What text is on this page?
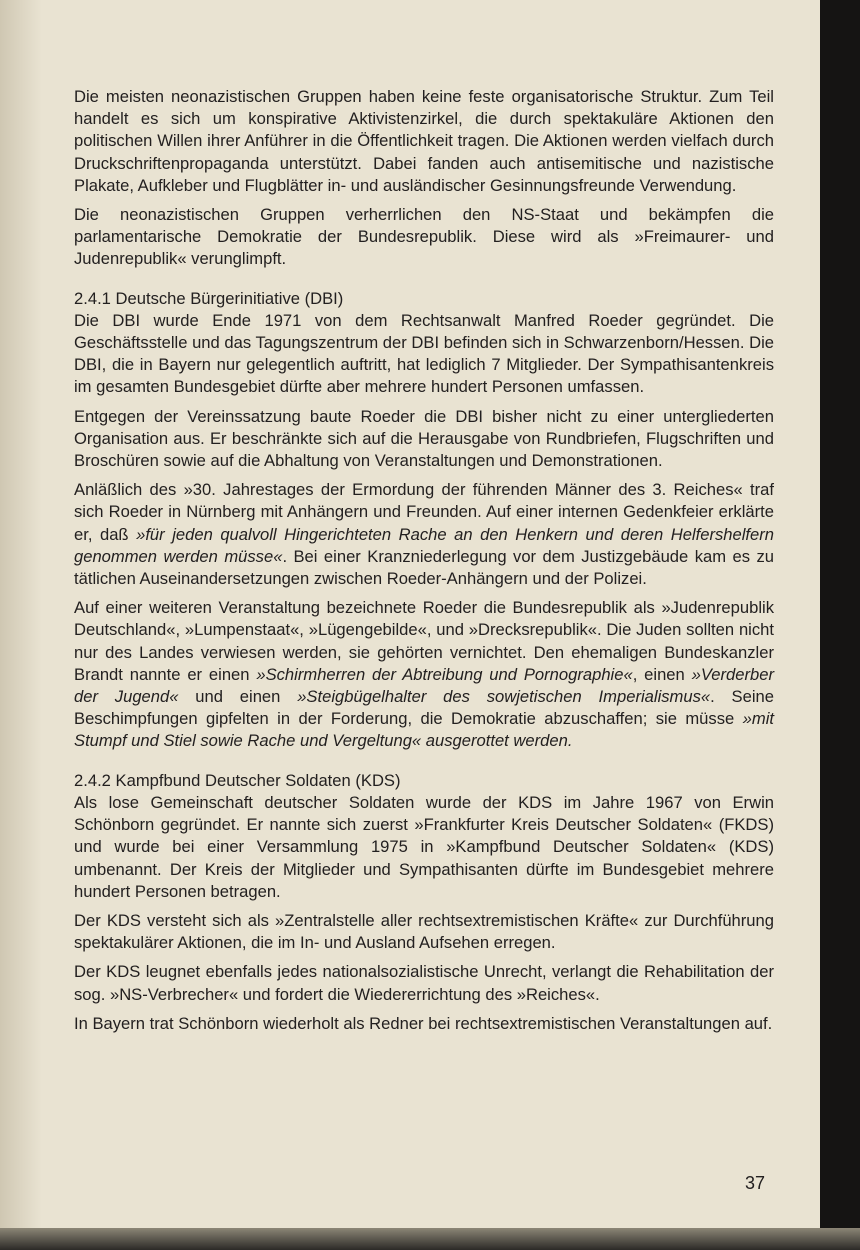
Die meisten neonazistischen Gruppen haben keine feste organisatorische Struktur. Zum Teil handelt es sich um konspirative Aktivistenzirkel, die durch spektakuläre Aktionen den politischen Willen ihrer Anführer in die Öffentlichkeit tragen. Die Aktionen werden vielfach durch Druckschriftenpropaganda unterstützt. Dabei fanden auch antisemitische und nazistische Plakate, Aufkleber und Flugblätter in- und ausländischer Gesinnungsfreunde Verwendung.

Die neonazistischen Gruppen verherrlichen den NS-Staat und bekämpfen die parlamentarische Demokratie der Bundesrepublik. Diese wird als »Freimaurer- und Judenrepublik« verunglimpft.

2.4.1 Deutsche Bürgerinitiative (DBI)

Die DBI wurde Ende 1971 von dem Rechtsanwalt Manfred Roeder gegründet. Die Geschäftsstelle und das Tagungszentrum der DBI befinden sich in Schwarzenborn/Hessen. Die DBI, die in Bayern nur gelegentlich auftritt, hat lediglich 7 Mitglieder. Der Sympathisantenkreis im gesamten Bundesgebiet dürfte aber mehrere hundert Personen umfassen.

Entgegen der Vereinssatzung baute Roeder die DBI bisher nicht zu einer untergliederten Organisation aus. Er beschränkte sich auf die Herausgabe von Rundbriefen, Flugschriften und Broschüren sowie auf die Abhaltung von Veranstaltungen und Demonstrationen.

Anläßlich des »30. Jahrestages der Ermordung der führenden Männer des 3. Reiches« traf sich Roeder in Nürnberg mit Anhängern und Freunden. Auf einer internen Gedenkfeier erklärte er, daß »für jeden qualvoll Hingerichteten Rache an den Henkern und deren Helfershelfern genommen werden müsse«. Bei einer Kranzniederlegung vor dem Justizgebäude kam es zu tätlichen Auseinandersetzungen zwischen Roeder-Anhängern und der Polizei.

Auf einer weiteren Veranstaltung bezeichnete Roeder die Bundesrepublik als »Judenrepublik Deutschland«, »Lumpenstaat«, »Lügengebilde«, und »Drecksrepublik«. Die Juden sollten nicht nur des Landes verwiesen werden, sie gehörten vernichtet. Den ehemaligen Bundeskanzler Brandt nannte er einen »Schirmherren der Abtreibung und Pornographie«, einen »Verderber der Jugend« und einen »Steigbügelhalter des sowjetischen Imperialismus«. Seine Beschimpfungen gipfelten in der Forderung, die Demokratie abzuschaffen; sie müsse »mit Stumpf und Stiel sowie Rache und Vergeltung« ausgerottet werden.

2.4.2 Kampfbund Deutscher Soldaten (KDS)

Als lose Gemeinschaft deutscher Soldaten wurde der KDS im Jahre 1967 von Erwin Schönborn gegründet. Er nannte sich zuerst »Frankfurter Kreis Deutscher Soldaten« (FKDS) und wurde bei einer Versammlung 1975 in »Kampfbund Deutscher Soldaten« (KDS) umbenannt. Der Kreis der Mitglieder und Sympathisanten dürfte im Bundesgebiet mehrere hundert Personen betragen.

Der KDS versteht sich als »Zentralstelle aller rechtsextremistischen Kräfte« zur Durchführung spektakulärer Aktionen, die im In- und Ausland Aufsehen erregen.

Der KDS leugnet ebenfalls jedes nationalsozialistische Unrecht, verlangt die Rehabilitation der sog. »NS-Verbrecher« und fordert die Wiedererrichtung des »Reiches«.

In Bayern trat Schönborn wiederholt als Redner bei rechtsextremistischen Veranstaltungen auf.

37
